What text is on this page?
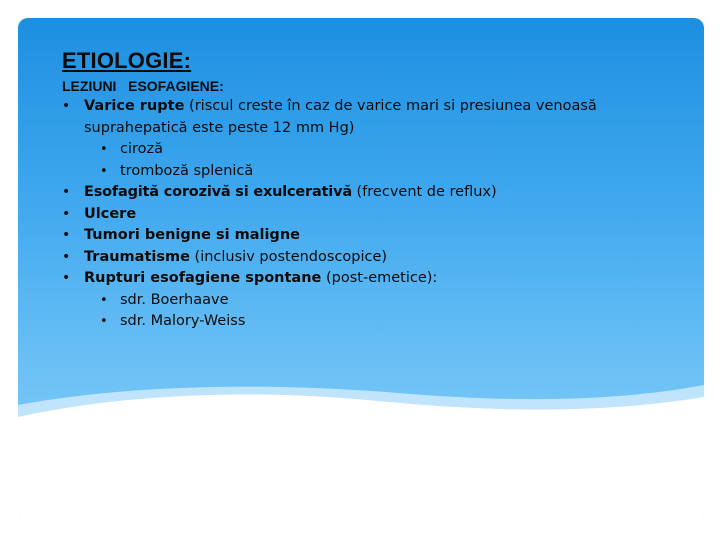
ETIOLOGIE:
LEZIUNI   ESOFAGIENE:
• Varice rupte (riscul creste în caz de varice mari si presiunea venoasă suprahepatică este peste 12 mm Hg)
• ciroză
• tromboză splenică
• Esofagită corozivă si exulcerativă (frecvent de reflux)
• Ulcere
• Tumori benigne si maligne
• Traumatisme (inclusiv postendoscopice)
• Rupturi esofagiene spontane (post-emetice):
• sdr. Boerhaave
• sdr. Malory-Weiss
